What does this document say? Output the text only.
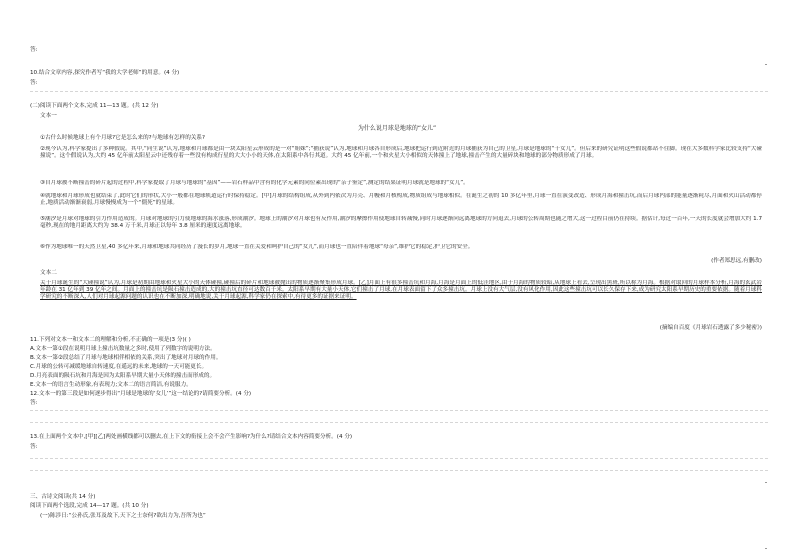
答:
10.结合文章内容,探究作者写“我的大学老师”的用意。(4 分)
答:
(二)阅读下面两个文本,完成 11—13 题。(共 12 分)
文本一
为什么说月球是地球的“女儿”
①古什么时候地球上有个月球?它是怎么来的?与地球有怎样的关系?
②现今认为,科学家提出了多种假说。其中,“同生说”认为,地球和月球都是由一块太阳星云形成的是一对“姐妹”;“捕获说”认为,地球和月球各自形成后,地球把运行到近附近的月球捕获为自己的卫星,月球是地球的“干女儿”。但后来的研究证明这些假说都站不住脚。现在大多数科学家比较支持“大碰撞说”。这个假说认为,大约 45 亿年前太阳星云中还残存着一些没有构成行星的大大小小的天体,在太阳系中各行其道。大约 45 亿年前,一个和火星大小相似的天体撞上了地球,撞击产生的大量碎块和地球的部分物质形成了月球。
③自月球被不断撞击的碎片起的过程中,科学家提取了月球与地球的“基因”——岩石样品中含有的化学元素的同位素出现的“亲子鉴定”,测定的结果证明月球就是地球的“女儿”。
④就地球和月球形成也就结束了,此时它们的形状,大小一般都在地球轨道运行时保持稳定。[甲]月球的结构组成,从外到内依次为月壳、月幔和月核构成,物质组成与地球相似。在诞生之初的 10 多亿年里,月球一直在演变改造、形成月海和撞击坑,而后月球内部的能量逐渐耗尽,月面和火山活动都停止,地质活动渐渐衰弱,月球慢慢成为一个“僵死”的星球。
⑤潮汐是月球对地球的引力作用造成的。月球对地球的引力使地球的海水涨落,形成潮汐。地球上的潮汐对月球也有反作用,潮汐的摩擦作用使地球自转减慢,同时月球逐渐向远离地球的方向退去,月球的公转周期也随之增大,这一过程目前仍在持续。据估计,每过一百年,一天的长度就会增加大约 1.7 毫秒,现在的地月距离大约为 38.4 万千米,月球正以每年 3.8 厘米的速度远离地球。
⑥作为地球唯一的天然卫星,40 多亿年来,月球和地球共同经历了漫长的岁月,地球一直在关爱和呵护自己的“女儿”,而月球也一直陪伴着地球“母亲”,维护它的稳定,护卫它的安全。
(作者郑思远,有删改)
文本二
关于月球诞生的“大碰撞说”认为,月球是初期由地球和火星大小的天体碰撞,碰撞后的碎片和地球被抛出的物质逐渐聚集形成月球。[乙]月面上有很多撞击坑和月海,月海是月面上的低洼地区,由于月海的物质较暗,从地球上看去,呈现出黑斑,所以称为月海。根据对取回的月球样本分析,月海的玄武岩年龄在 31 亿年到 39 亿年之间。月面上的撞击坑是陨石撞击造成的,大的撞击坑直径可达数百千米。太阳系早期有大量小天体,它们撞击了月球,在月球表面留下了众多撞击坑。月球上没有大气层,没有风化作用,因此这些撞击坑可以长久保存下来,成为研究太阳系早期历史的重要依据。随着月球科学研究的不断深入,人们对月球起源问题的认识也在不断加深,明确地说,关于月球起源,科学家仍在探索中,有待更多的证据来证明。
(摘编自百度《月球岩石透露了多少秘密》)
11.下列对文本一和文本二的理解和分析,不正确的一项是(3 分)( )
A.文本一第①段在说明月球上撞击坑数量之多时,使用了列数字的说明方法。
B.文本一第②段总结了月球与地球相伴相依的关系,突出了地球对月球的作用。
C.月球的公转可减缓地球自转速度,在遥远的未来,地球的一天可能更长。
D.月亮表面的陨石坑和月海是因为太阳系早期大量小天体的撞击而形成的。
E.文本一的语言生动形象,有表现力;文本二的语言简洁,有说服力。
12.文本一的第三段是如何逐步得出“月球是地球的‘女儿’”这一结论的?请简要分析。(4 分)
答:
13.在上面两个文本中,[甲][乙]两处画横线都可以删去,在上下文的衔接上会不会产生影响?为什么?请结合文本内容简要分析。(4 分)
答:
三、古诗文阅读(共 14 分)
阅读下面两个选段,完成 14—17 题。(共 10 分)
(一)陈涉日:“公孙氏,张耳及故下,天下之士奈何?欲出力为,吾所为也”
